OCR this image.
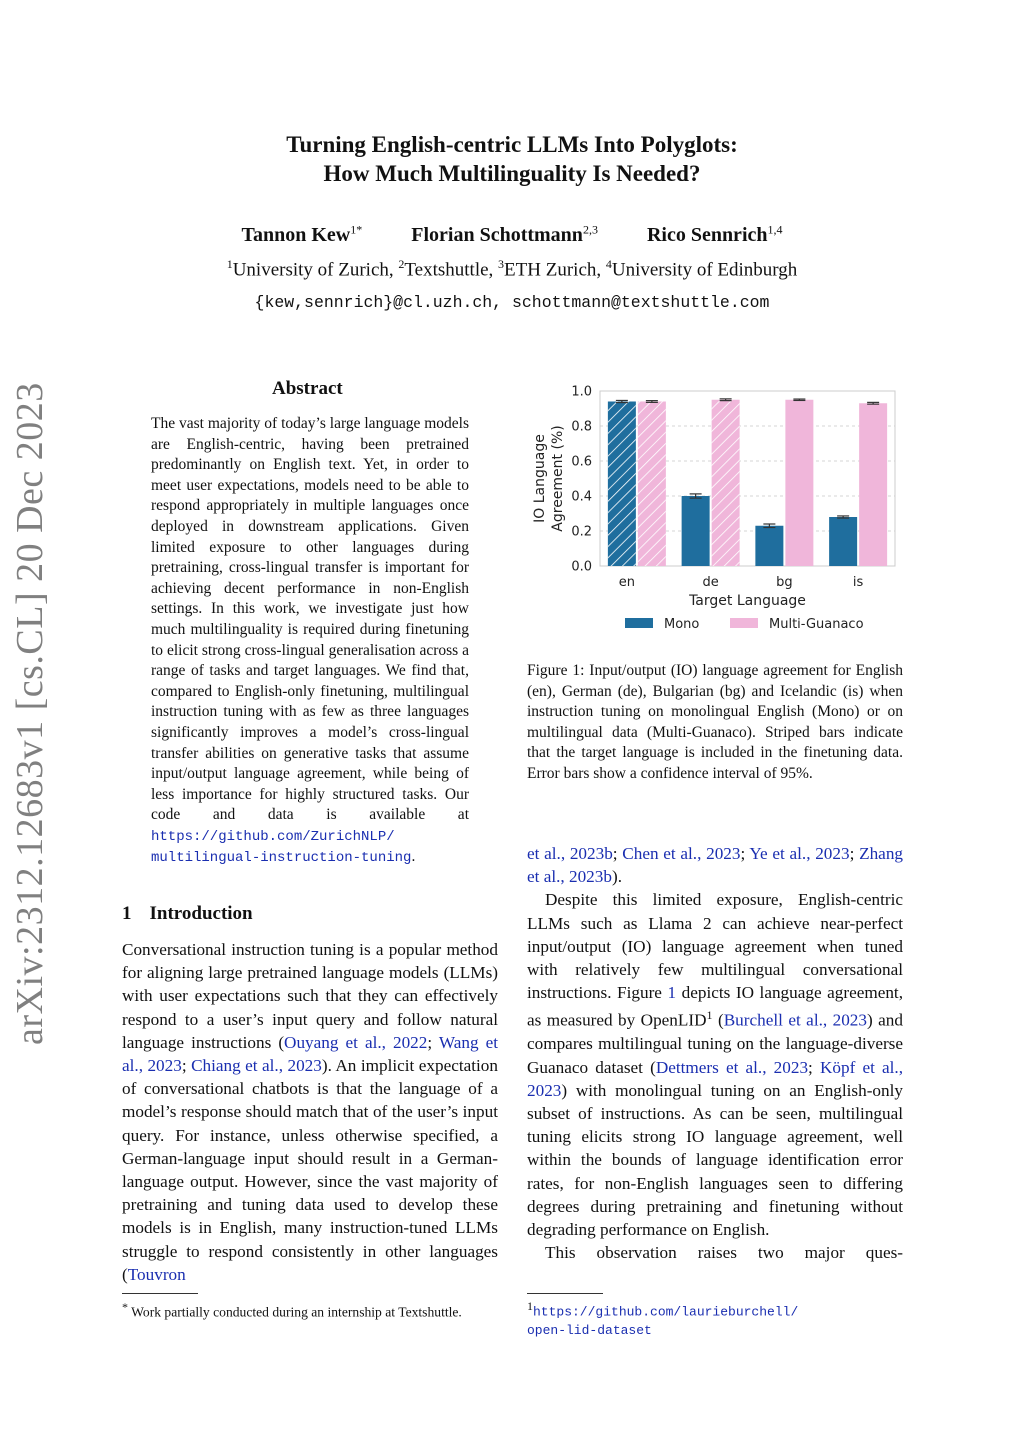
Turning English-centric LLMs Into Polyglots:
How Much Multilinguality Is Needed?
Tannon Kew$^{1*}$ Florian Schottmann$^{2,3}$ Rico Sennrich$^{1,4}$
$^1$University of Zurich, $^2$Textshuttle, $^3$ETH Zurich, $^4$University of Edinburgh
{kew,sennrich}@cl.uzh.ch, schottmann@textshuttle.com
arXiv:2312.12683v1 [cs.CL] 20 Dec 2023	Abstract
The vast majority of today’s large language models are English-centric, having been pretrained predominantly on English text. Yet, in order to meet user expectations, models need to be able to respond appropriately in multiple languages once deployed in downstream applications. Given limited exposure to other languages during pretraining, cross-lingual transfer is important for achieving decent performance in non-English settings. In this work, we investigate just how much multilinguality is required during finetuning to elicit strong cross-lingual generalisation across a range of tasks and target languages. We find that, compared to English-only finetuning, multilingual instruction tuning with as few as three languages significantly improves a model’s cross-lingual transfer abilities on generative tasks that assume input/output language agreement, while being of less importance for highly structured tasks. Our code and data is available at https://github.com/ZurichNLP/ multilingual-instruction-tuning.
1 Introduction

Conversational instruction tuning is a popular method for aligning large pretrained language models (LLMs) with user expectations such that they can effectively respond to a user’s input query and follow natural language instructions (Ouyang et al., 2022; Wang et al., 2023; Chiang et al., 2023). An implicit expectation of conversational chatbots is that the language of a model’s response should match that of the user’s input query. For instance, unless otherwise specified, a German-language input should result in a German-language output. However, since the vast majority of pretraining and tuning data used to develop these models is in English, many instruction-tuned LLMs struggle to respond consistently in other languages (Touvron

et al., 2023b; Chen et al., 2023; Ye et al., 2023; Zhang et al., 2023b).

Despite this limited exposure, English-centric LLMs such as Llama 2 can achieve near-perfect input/output (IO) language agreement when tuned with relatively few multilingual conversational instructions. Figure 1 depicts IO language agreement, as measured by OpenLID$^1$ (Burchell et al., 2023) and compares multilingual tuning on the language-diverse Guanaco dataset (Dettmers et al., 2023; Köpf et al., 2023) with monolingual tuning on an English-only subset of instructions. As can be seen, multilingual tuning elicits strong IO language agreement, well within the bounds of language identification error rates, for non-English languages seen to differing degrees during pretraining and finetuning without degrading performance on English.

This observation raises two major ques-

* Work partially conducted during an internship at Textshuttle.	$^1$https://github.com/laurieburchell/
open-lid-dataset
0.0
0.2
0.4
0.6
0.8
1.0
en	de	bg	is
Target Language
IO Language Agreement (%)
Mono	Multi-Guanaco
Figure 1: Input/output (IO) language agreement for English (en), German (de), Bulgarian (bg) and Icelandic (is) when instruction tuning on monolingual English (Mono) or on multilingual data (Multi-Guanaco). Striped bars indicate that the target language is included in the finetuning data. Error bars show a confidence interval of 95%.
